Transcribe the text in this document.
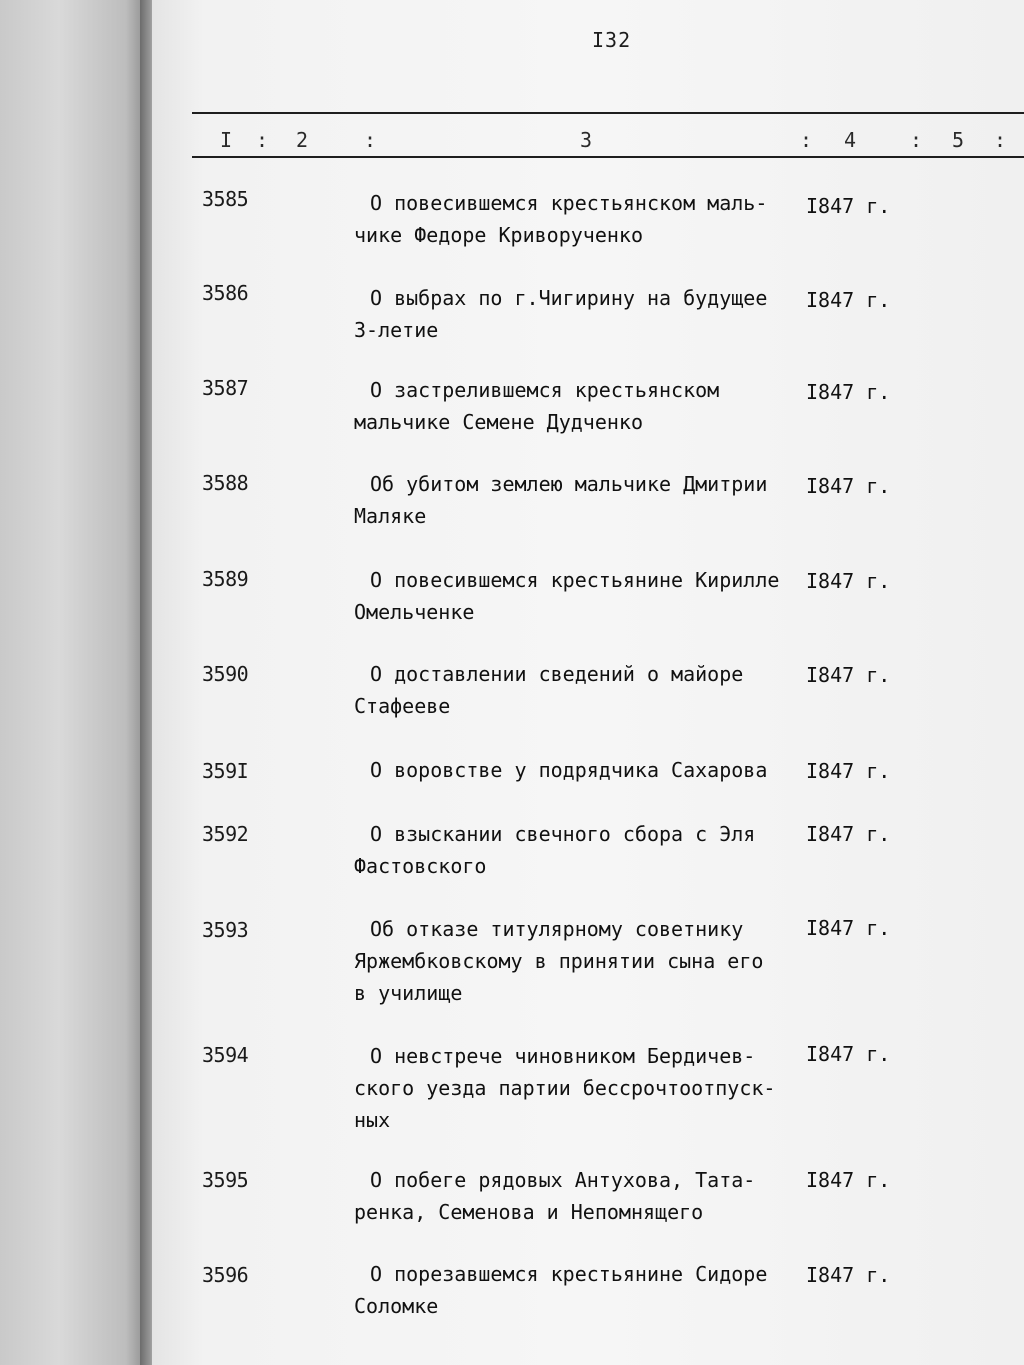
I32
I : 2	:	3	: 4	: 5 :
3585	О повесившемся крестьянском маль-
чике Федоре Криворученко
I847 г.
3586	О выбрах по г.Чигирину на будущее
З-летие
I847 г.
3587	О застрелившемся крестьянском
мальчике Семене Дудченко
I847 г.
3588	Об убитом землею мальчике Дмитрии
Маляке
I847 г.
3589	О повесившемся крестьянине Кирилле
Омельченке
I847 г.
3590	О доставлении сведений о майоре
Стафееве
I847 г.
359I	О воровстве у подрядчика Сахарова	I847 г.
3592	О взыскании свечного сбора с Эля
Фастовского
I847 г.
3593	Об отказе титулярному советнику
Яржембковскому в принятии сына его
в училище
I847 г.
3594	О невстрече чиновником Бердичев-
ского уезда партии бессрочтоотпуск-
ных
I847 г.
3595	О побеге рядовых Антухова, Тата-
ренка, Семенова и Непомнящего
I847 г.
3596	О порезавшемся крестьянине Сидоре
Соломке
I847 г.
